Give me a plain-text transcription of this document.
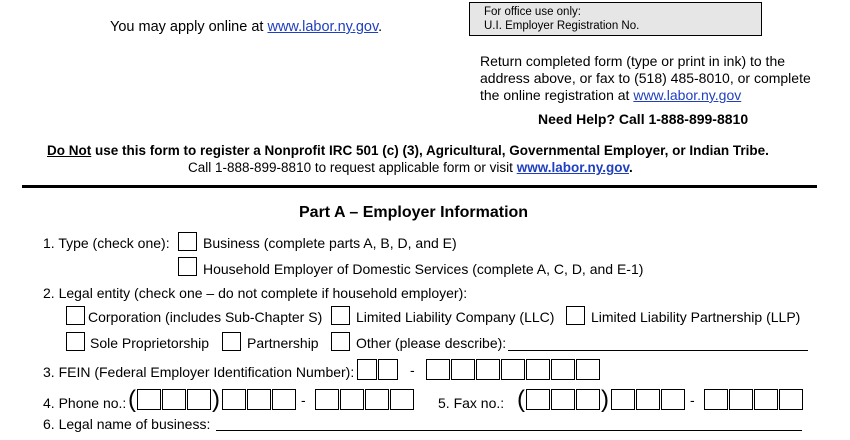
You may apply online at www.labor.ny.gov.
For office use only:
U.I. Employer Registration No.
Return completed form (type or print in ink) to the
address above, or fax to (518) 485-8010, or complete
the online registration at www.labor.ny.gov
Need Help? Call 1-888-899-8810
Do Not use this form to register a Nonprofit IRC 501 (c) (3), Agricultural, Governmental Employer, or Indian Tribe.
Call 1-888-899-8810 to request applicable form or visit www.labor.ny.gov.
Part A – Employer Information
1. Type (check one): Business (complete parts A, B, D, and E)
Household Employer of Domestic Services (complete A, C, D, and E-1)
2. Legal entity (check one – do not complete if household employer):
Corporation (includes Sub-Chapter S) Limited Liability Company (LLC)	Limited Liability Partnership (LLP)
Sole Proprietorship	Partnership	Other (please describe):
3. FEIN (Federal Employer Identification Number):	-
4. Phone no.: (	)	-	5. Fax no.: (	)	-
6. Legal name of business:
